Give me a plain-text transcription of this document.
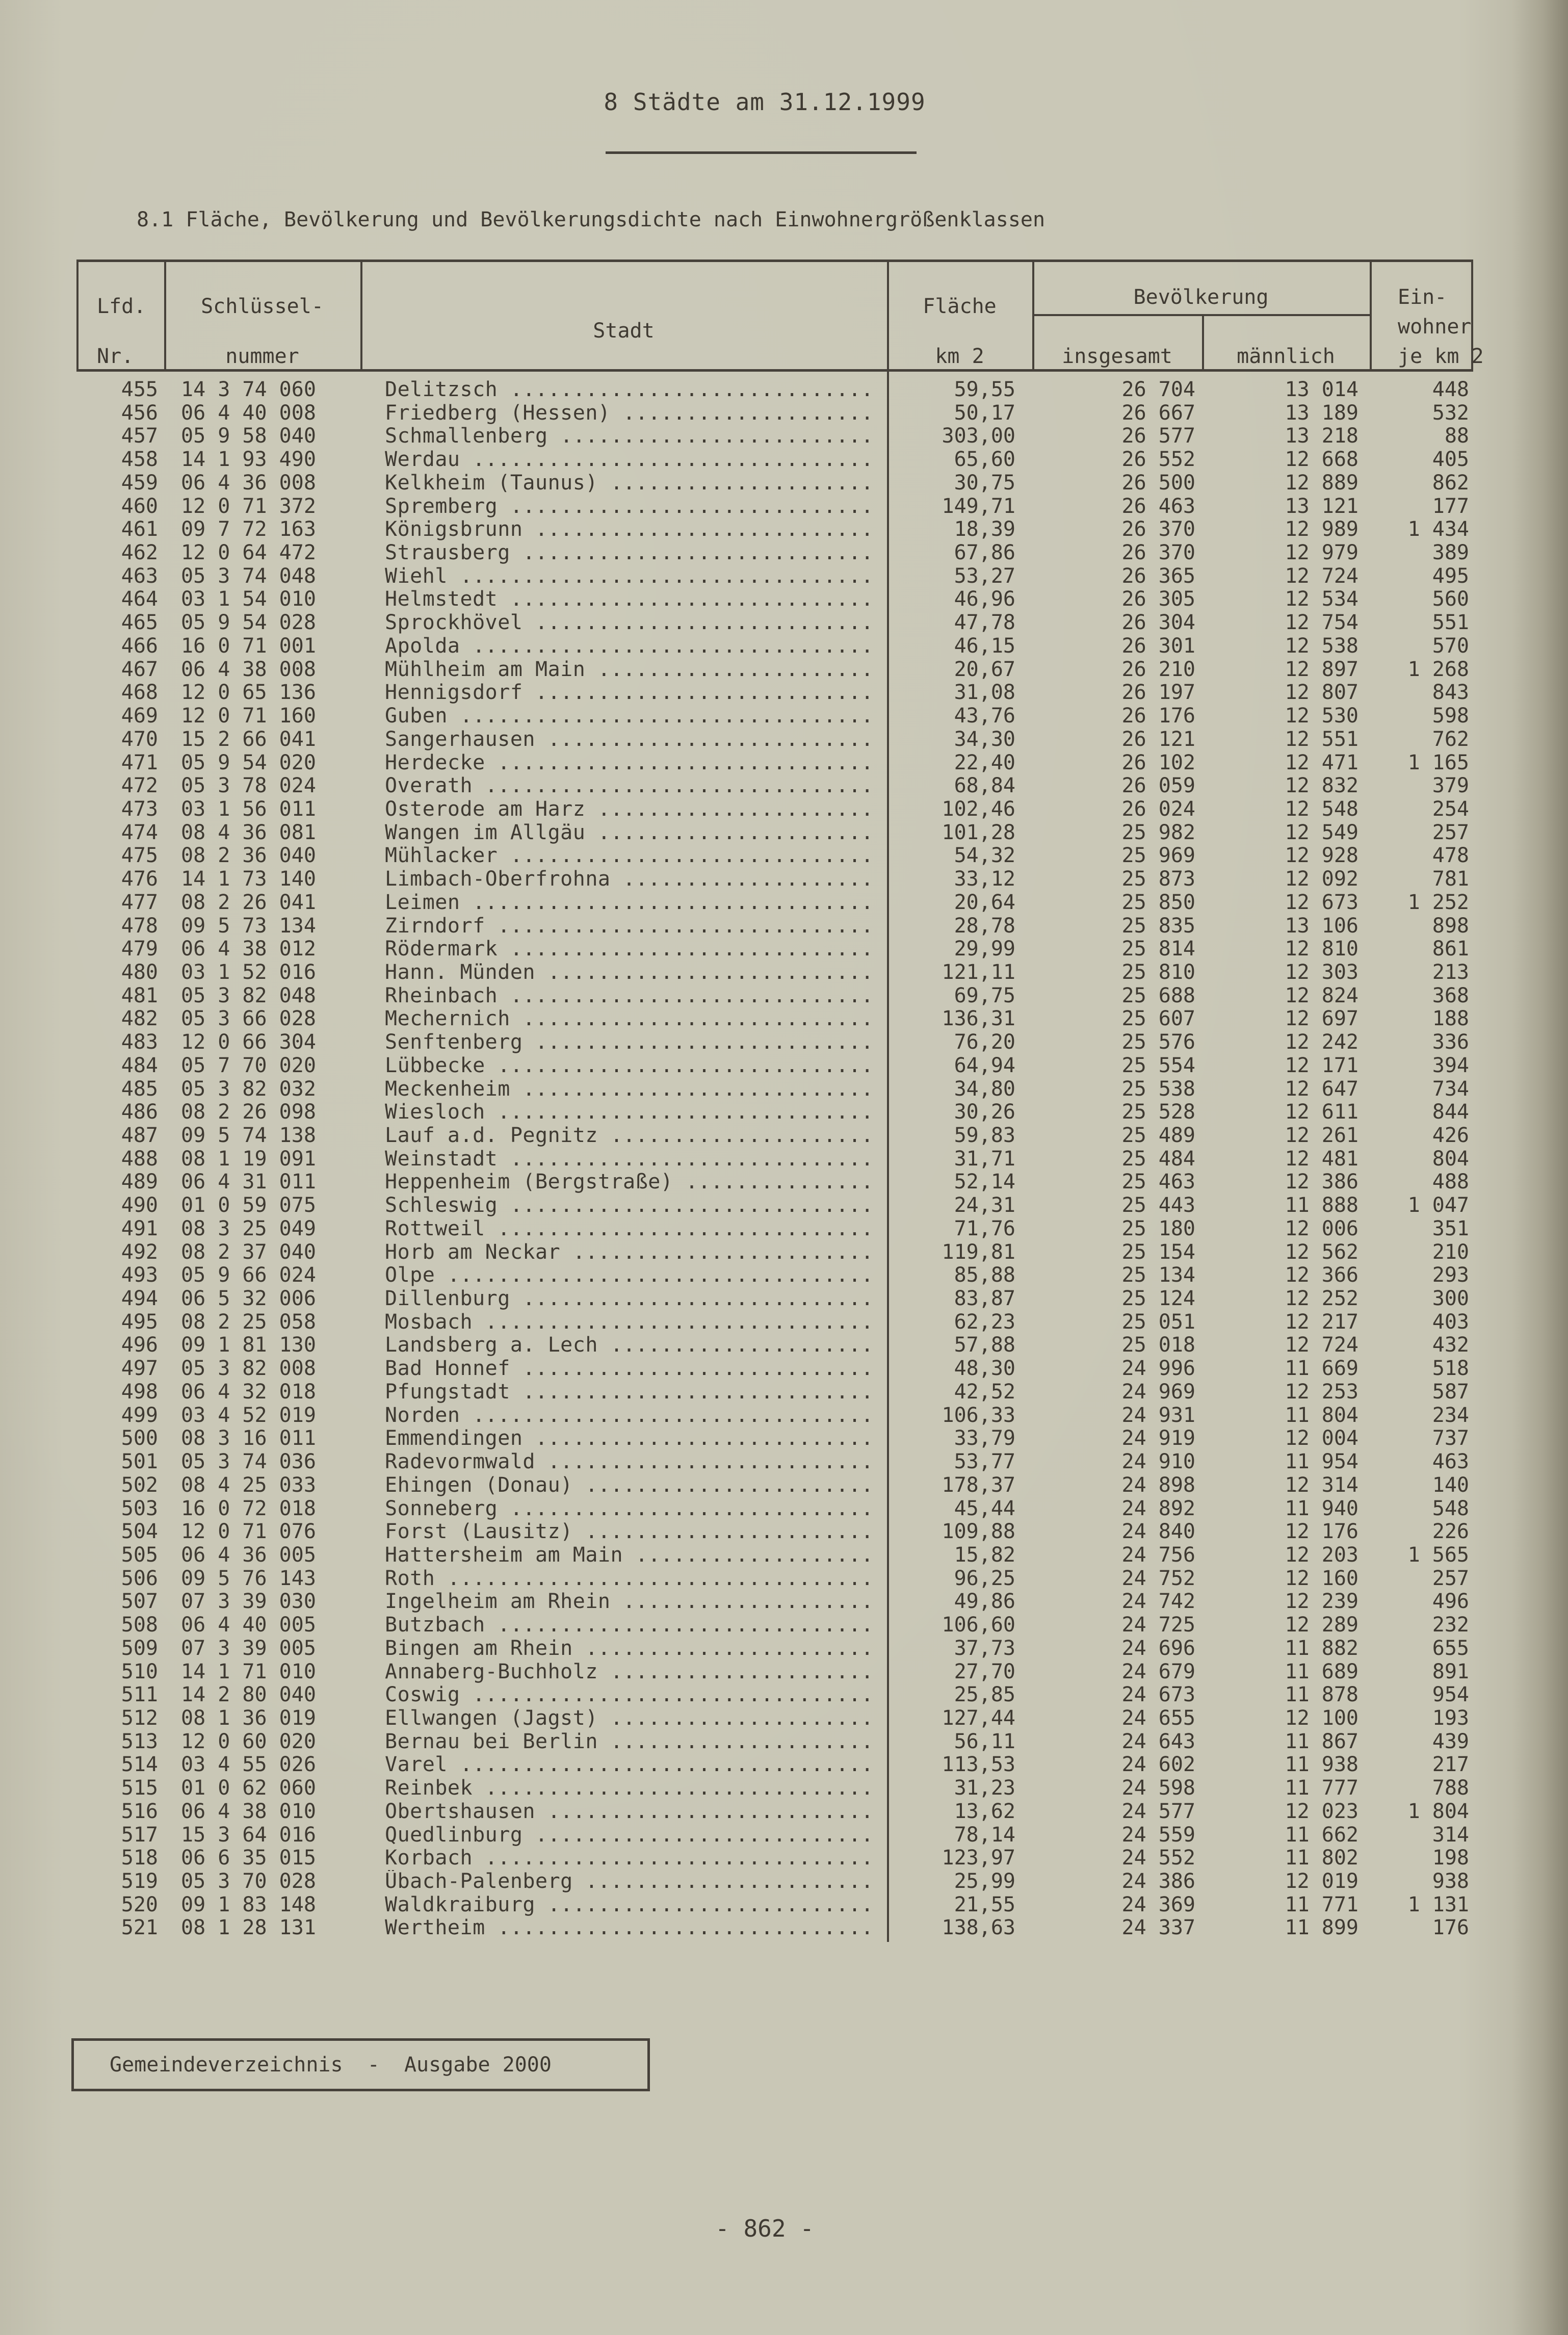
8 Städte am 31.12.1999
8.1 Fläche, Bevölkerung und Bevölkerungsdichte nach Einwohnergrößenklassen
Lfd.
Nr.
Schlüssel-
nummer
Stadt
Fläche
km 2
Bevölkerung
insgesamt	männlich
Ein-
wohner
je km 2
455	14 3 74 060	Delitzsch .............................	59,55	26 704	13 014	448
456	06 4 40 008	Friedberg (Hessen) ....................	50,17	26 667	13 189	532
457	05 9 58 040	Schmallenberg .........................	303,00	26 577	13 218	88
458	14 1 93 490	Werdau ................................	65,60	26 552	12 668	405
459	06 4 36 008	Kelkheim (Taunus) .....................	30,75	26 500	12 889	862
460	12 0 71 372	Spremberg .............................	149,71	26 463	13 121	177
461	09 7 72 163	Königsbrunn ...........................	18,39	26 370	12 989	1 434
462	12 0 64 472	Strausberg ............................	67,86	26 370	12 979	389
463	05 3 74 048	Wiehl .................................	53,27	26 365	12 724	495
464	03 1 54 010	Helmstedt .............................	46,96	26 305	12 534	560
465	05 9 54 028	Sprockhövel ...........................	47,78	26 304	12 754	551
466	16 0 71 001	Apolda ................................	46,15	26 301	12 538	570
467	06 4 38 008	Mühlheim am Main ......................	20,67	26 210	12 897	1 268
468	12 0 65 136	Hennigsdorf ...........................	31,08	26 197	12 807	843
469	12 0 71 160	Guben .................................	43,76	26 176	12 530	598
470	15 2 66 041	Sangerhausen ..........................	34,30	26 121	12 551	762
471	05 9 54 020	Herdecke ..............................	22,40	26 102	12 471	1 165
472	05 3 78 024	Overath ...............................	68,84	26 059	12 832	379
473	03 1 56 011	Osterode am Harz ......................	102,46	26 024	12 548	254
474	08 4 36 081	Wangen im Allgäu ......................	101,28	25 982	12 549	257
475	08 2 36 040	Mühlacker .............................	54,32	25 969	12 928	478
476	14 1 73 140	Limbach-Oberfrohna ....................	33,12	25 873	12 092	781
477	08 2 26 041	Leimen ................................	20,64	25 850	12 673	1 252
478	09 5 73 134	Zirndorf ..............................	28,78	25 835	13 106	898
479	06 4 38 012	Rödermark .............................	29,99	25 814	12 810	861
480	03 1 52 016	Hann. Münden ..........................	121,11	25 810	12 303	213
481	05 3 82 048	Rheinbach .............................	69,75	25 688	12 824	368
482	05 3 66 028	Mechernich ............................	136,31	25 607	12 697	188
483	12 0 66 304	Senftenberg ...........................	76,20	25 576	12 242	336
484	05 7 70 020	Lübbecke ..............................	64,94	25 554	12 171	394
485	05 3 82 032	Meckenheim ............................	34,80	25 538	12 647	734
486	08 2 26 098	Wiesloch ..............................	30,26	25 528	12 611	844
487	09 5 74 138	Lauf a.d. Pegnitz .....................	59,83	25 489	12 261	426
488	08 1 19 091	Weinstadt .............................	31,71	25 484	12 481	804
489	06 4 31 011	Heppenheim (Bergstraße) ...............	52,14	25 463	12 386	488
490	01 0 59 075	Schleswig .............................	24,31	25 443	11 888	1 047
491	08 3 25 049	Rottweil ..............................	71,76	25 180	12 006	351
492	08 2 37 040	Horb am Neckar ........................	119,81	25 154	12 562	210
493	05 9 66 024	Olpe ..................................	85,88	25 134	12 366	293
494	06 5 32 006	Dillenburg ............................	83,87	25 124	12 252	300
495	08 2 25 058	Mosbach ...............................	62,23	25 051	12 217	403
496	09 1 81 130	Landsberg a. Lech .....................	57,88	25 018	12 724	432
497	05 3 82 008	Bad Honnef ............................	48,30	24 996	11 669	518
498	06 4 32 018	Pfungstadt ............................	42,52	24 969	12 253	587
499	03 4 52 019	Norden ................................	106,33	24 931	11 804	234
500	08 3 16 011	Emmendingen ...........................	33,79	24 919	12 004	737
501	05 3 74 036	Radevormwald ..........................	53,77	24 910	11 954	463
502	08 4 25 033	Ehingen (Donau) .......................	178,37	24 898	12 314	140
503	16 0 72 018	Sonneberg .............................	45,44	24 892	11 940	548
504	12 0 71 076	Forst (Lausitz) .......................	109,88	24 840	12 176	226
505	06 4 36 005	Hattersheim am Main ...................	15,82	24 756	12 203	1 565
506	09 5 76 143	Roth ..................................	96,25	24 752	12 160	257
507	07 3 39 030	Ingelheim am Rhein ....................	49,86	24 742	12 239	496
508	06 4 40 005	Butzbach ..............................	106,60	24 725	12 289	232
509	07 3 39 005	Bingen am Rhein .......................	37,73	24 696	11 882	655
510	14 1 71 010	Annaberg-Buchholz .....................	27,70	24 679	11 689	891
511	14 2 80 040	Coswig ................................	25,85	24 673	11 878	954
512	08 1 36 019	Ellwangen (Jagst) .....................	127,44	24 655	12 100	193
513	12 0 60 020	Bernau bei Berlin .....................	56,11	24 643	11 867	439
514	03 4 55 026	Varel .................................	113,53	24 602	11 938	217
515	01 0 62 060	Reinbek ...............................	31,23	24 598	11 777	788
516	06 4 38 010	Obertshausen ..........................	13,62	24 577	12 023	1 804
517	15 3 64 016	Quedlinburg ...........................	78,14	24 559	11 662	314
518	06 6 35 015	Korbach ...............................	123,97	24 552	11 802	198
519	05 3 70 028	Übach-Palenberg .......................	25,99	24 386	12 019	938
520	09 1 83 148	Waldkraiburg ..........................	21,55	24 369	11 771	1 131
521	08 1 28 131	Wertheim ..............................	138,63	24 337	11 899	176
Gemeindeverzeichnis  -  Ausgabe 2000
- 862 -
